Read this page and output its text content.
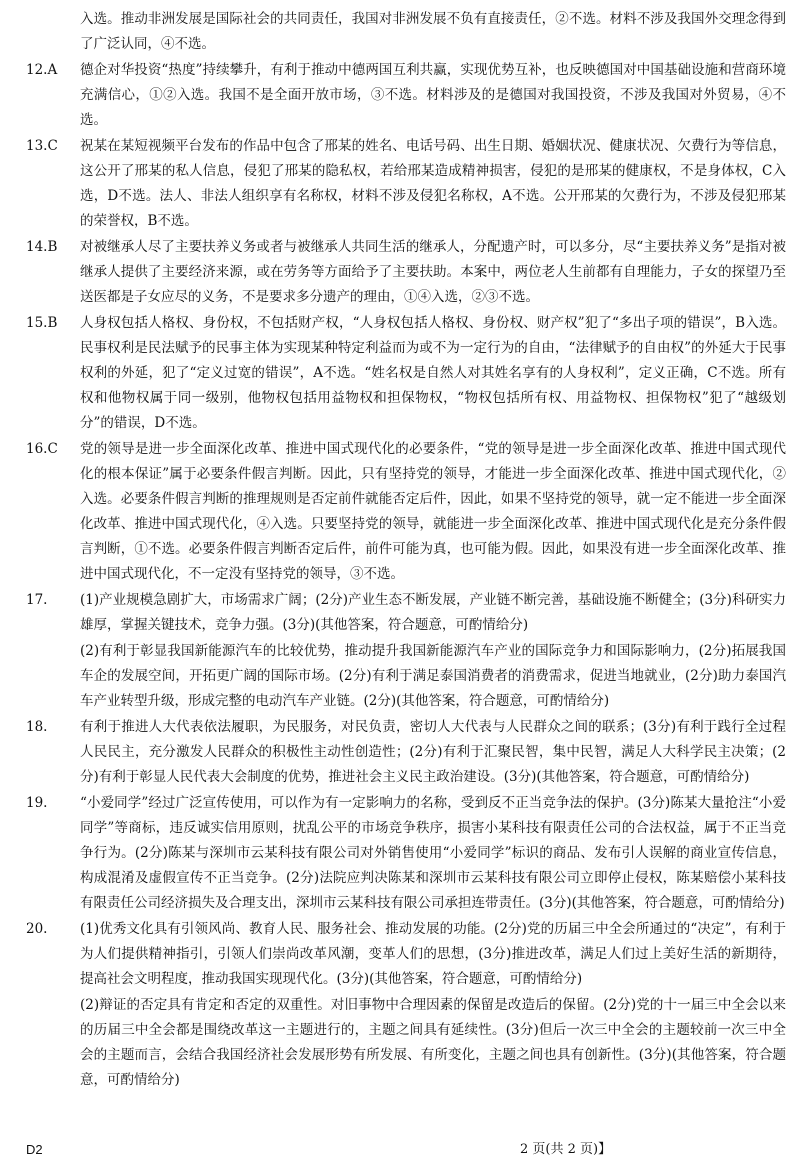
入选。推动非洲发展是国际社会的共同责任，我国对非洲发展不负有直接责任，②不选。材料不涉及我国外交理念得到了广泛认同，④不选。
12.A	德企对华投资“热度”持续攀升，有利于推动中德两国互利共赢，实现优势互补，也反映德国对中国基础设施和营商环境充满信心，①②入选。我国不是全面开放市场，③不选。材料涉及的是德国对我国投资，不涉及我国对外贸易，④不选。
13.C	祝某在某短视频平台发布的作品中包含了邢某的姓名、电话号码、出生日期、婚姻状况、健康状况、欠费行为等信息，这公开了邢某的私人信息，侵犯了邢某的隐私权，若给邢某造成精神损害，侵犯的是邢某的健康权，不是身体权，C入选，D不选。法人、非法人组织享有名称权，材料不涉及侵犯名称权，A不选。公开邢某的欠费行为，不涉及侵犯邢某的荣誉权，B不选。
14.B	对被继承人尽了主要扶养义务或者与被继承人共同生活的继承人，分配遗产时，可以多分，尽“主要扶养义务”是指对被继承人提供了主要经济来源，或在劳务等方面给予了主要扶助。本案中，两位老人生前都有自理能力，子女的探望乃至送医都是子女应尽的义务，不是要求多分遗产的理由，①④入选，②③不选。
15.B	人身权包括人格权、身份权，不包括财产权，“人身权包括人格权、身份权、财产权”犯了“多出子项的错误”，B入选。民事权利是民法赋予的民事主体为实现某种特定利益而为或不为一定行为的自由，“法律赋予的自由权”的外延大于民事权利的外延，犯了“定义过宽的错误”，A不选。“姓名权是自然人对其姓名享有的人身权利”，定义正确，C不选。所有权和他物权属于同一级别，他物权包括用益物权和担保物权，“物权包括所有权、用益物权、担保物权”犯了“越级划分”的错误，D不选。
16.C	党的领导是进一步全面深化改革、推进中国式现代化的必要条件，“党的领导是进一步全面深化改革、推进中国式现代化的根本保证”属于必要条件假言判断。因此，只有坚持党的领导，才能进一步全面深化改革、推进中国式现代化，②入选。必要条件假言判断的推理规则是否定前件就能否定后件，因此，如果不坚持党的领导，就一定不能进一步全面深化改革、推进中国式现代化，④入选。只要坚持党的领导，就能进一步全面深化改革、推进中国式现代化是充分条件假言判断，①不选。必要条件假言判断否定后件，前件可能为真，也可能为假。因此，如果没有进一步全面深化改革、推进中国式现代化，不一定没有坚持党的领导，③不选。
17.	(1)产业规模急剧扩大，市场需求广阔；(2分)产业生态不断发展，产业链不断完善，基础设施不断健全；(3分)科研实力雄厚，掌握关键技术，竞争力强。(3分)(其他答案，符合题意，可酌情给分)
(2)有利于彰显我国新能源汽车的比较优势，推动提升我国新能源汽车产业的国际竞争力和国际影响力，(2分)拓展我国车企的发展空间，开拓更广阔的国际市场。(2分)有利于满足泰国消费者的消费需求，促进当地就业，(2分)助力泰国汽车产业转型升级，形成完整的电动汽车产业链。(2分)(其他答案，符合题意，可酌情给分)
18.	有利于推进人大代表依法履职，为民服务，对民负责，密切人大代表与人民群众之间的联系；(3分)有利于践行全过程人民民主，充分激发人民群众的积极性主动性创造性；(2分)有利于汇聚民智，集中民智，满足人大科学民主决策；(2分)有利于彰显人民代表大会制度的优势，推进社会主义民主政治建设。(3分)(其他答案，符合题意，可酌情给分)
19.	“小爱同学”经过广泛宣传使用，可以作为有一定影响力的名称，受到反不正当竞争法的保护。(3分)陈某大量抢注“小爱同学”等商标，违反诚实信用原则，扰乱公平的市场竞争秩序，损害小某科技有限责任公司的合法权益，属于不正当竞争行为。(2分)陈某与深圳市云某科技有限公司对外销售使用“小爱同学”标识的商品、发布引人误解的商业宣传信息，构成混淆及虚假宣传不正当竞争。(2分)法院应判决陈某和深圳市云某科技有限公司立即停止侵权，陈某赔偿小某科技有限责任公司经济损失及合理支出，深圳市云某科技有限公司承担连带责任。(3分)(其他答案，符合题意，可酌情给分)
20.	(1)优秀文化具有引领风尚、教育人民、服务社会、推动发展的功能。(2分)党的历届三中全会所通过的“决定”，有利于为人们提供精神指引，引领人们崇尚改革风潮，变革人们的思想，(3分)推进改革，满足人们过上美好生活的新期待，提高社会文明程度，推动我国实现现代化。(3分)(其他答案，符合题意，可酌情给分)
(2)辩证的否定具有肯定和否定的双重性。对旧事物中合理因素的保留是改造后的保留。(2分)党的十一届三中全会以来的历届三中全会都是围绕改革这一主题进行的，主题之间具有延续性。(3分)但后一次三中全会的主题较前一次三中全会的主题而言，会结合我国经济社会发展形势有所发展、有所变化，主题之间也具有创新性。(3分)(其他答案，符合题意，可酌情给分)
D2	2 页(共 2 页)】
